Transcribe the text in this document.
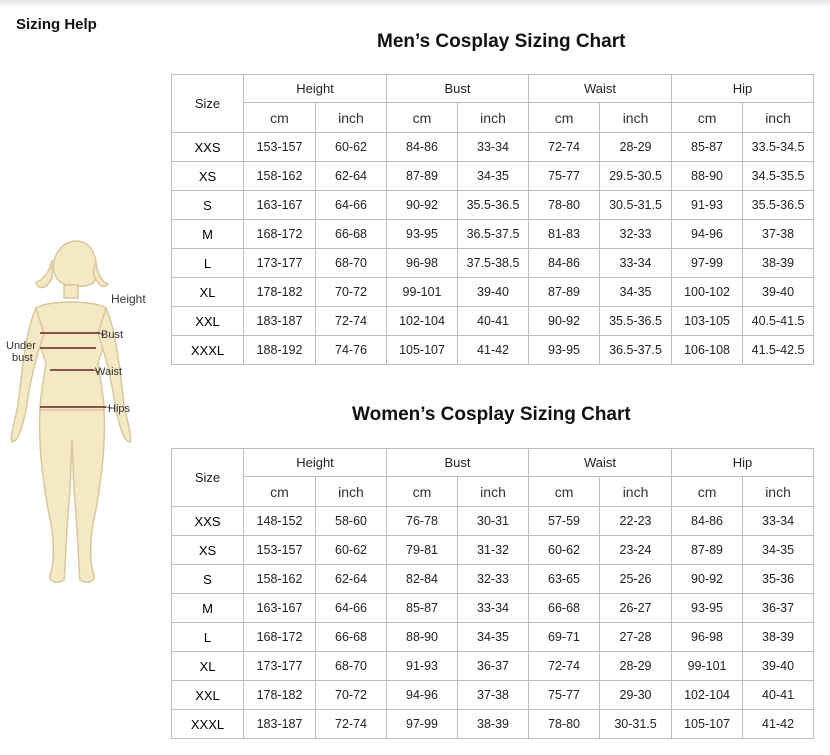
Sizing Help
Men’s Cosplay Sizing Chart
Women’s Cosplay Sizing Chart
Height
Bust
Under
bust
Waist
Hips
Size	Height		Bust		Waist		Hip	
	cm	inch	cm	inch	cm	inch	cm	inch
XXS	153-157	60-62	84-86	33-34	72-74	28-29	85-87	33.5-34.5
XS	158-162	62-64	87-89	34-35	75-77	29.5-30.5	88-90	34.5-35.5
S	163-167	64-66	90-92	35.5-36.5	78-80	30.5-31.5	91-93	35.5-36.5
M	168-172	66-68	93-95	36.5-37.5	81-83	32-33	94-96	37-38
L	173-177	68-70	96-98	37.5-38.5	84-86	33-34	97-99	38-39
XL	178-182	70-72	99-101	39-40	87-89	34-35	100-102	39-40
XXL	183-187	72-74	102-104	40-41	90-92	35.5-36.5	103-105	40.5-41.5
XXXL	188-192	74-76	105-107	41-42	93-95	36.5-37.5	106-108	41.5-42.5
Size	Height		Bust		Waist		Hip	
	cm	inch	cm	inch	cm	inch	cm	inch
XXS	148-152	58-60	76-78	30-31	57-59	22-23	84-86	33-34
XS	153-157	60-62	79-81	31-32	60-62	23-24	87-89	34-35
S	158-162	62-64	82-84	32-33	63-65	25-26	90-92	35-36
M	163-167	64-66	85-87	33-34	66-68	26-27	93-95	36-37
L	168-172	66-68	88-90	34-35	69-71	27-28	96-98	38-39
XL	173-177	68-70	91-93	36-37	72-74	28-29	99-101	39-40
XXL	178-182	70-72	94-96	37-38	75-77	29-30	102-104	40-41
XXXL	183-187	72-74	97-99	38-39	78-80	30-31.5	105-107	41-42
